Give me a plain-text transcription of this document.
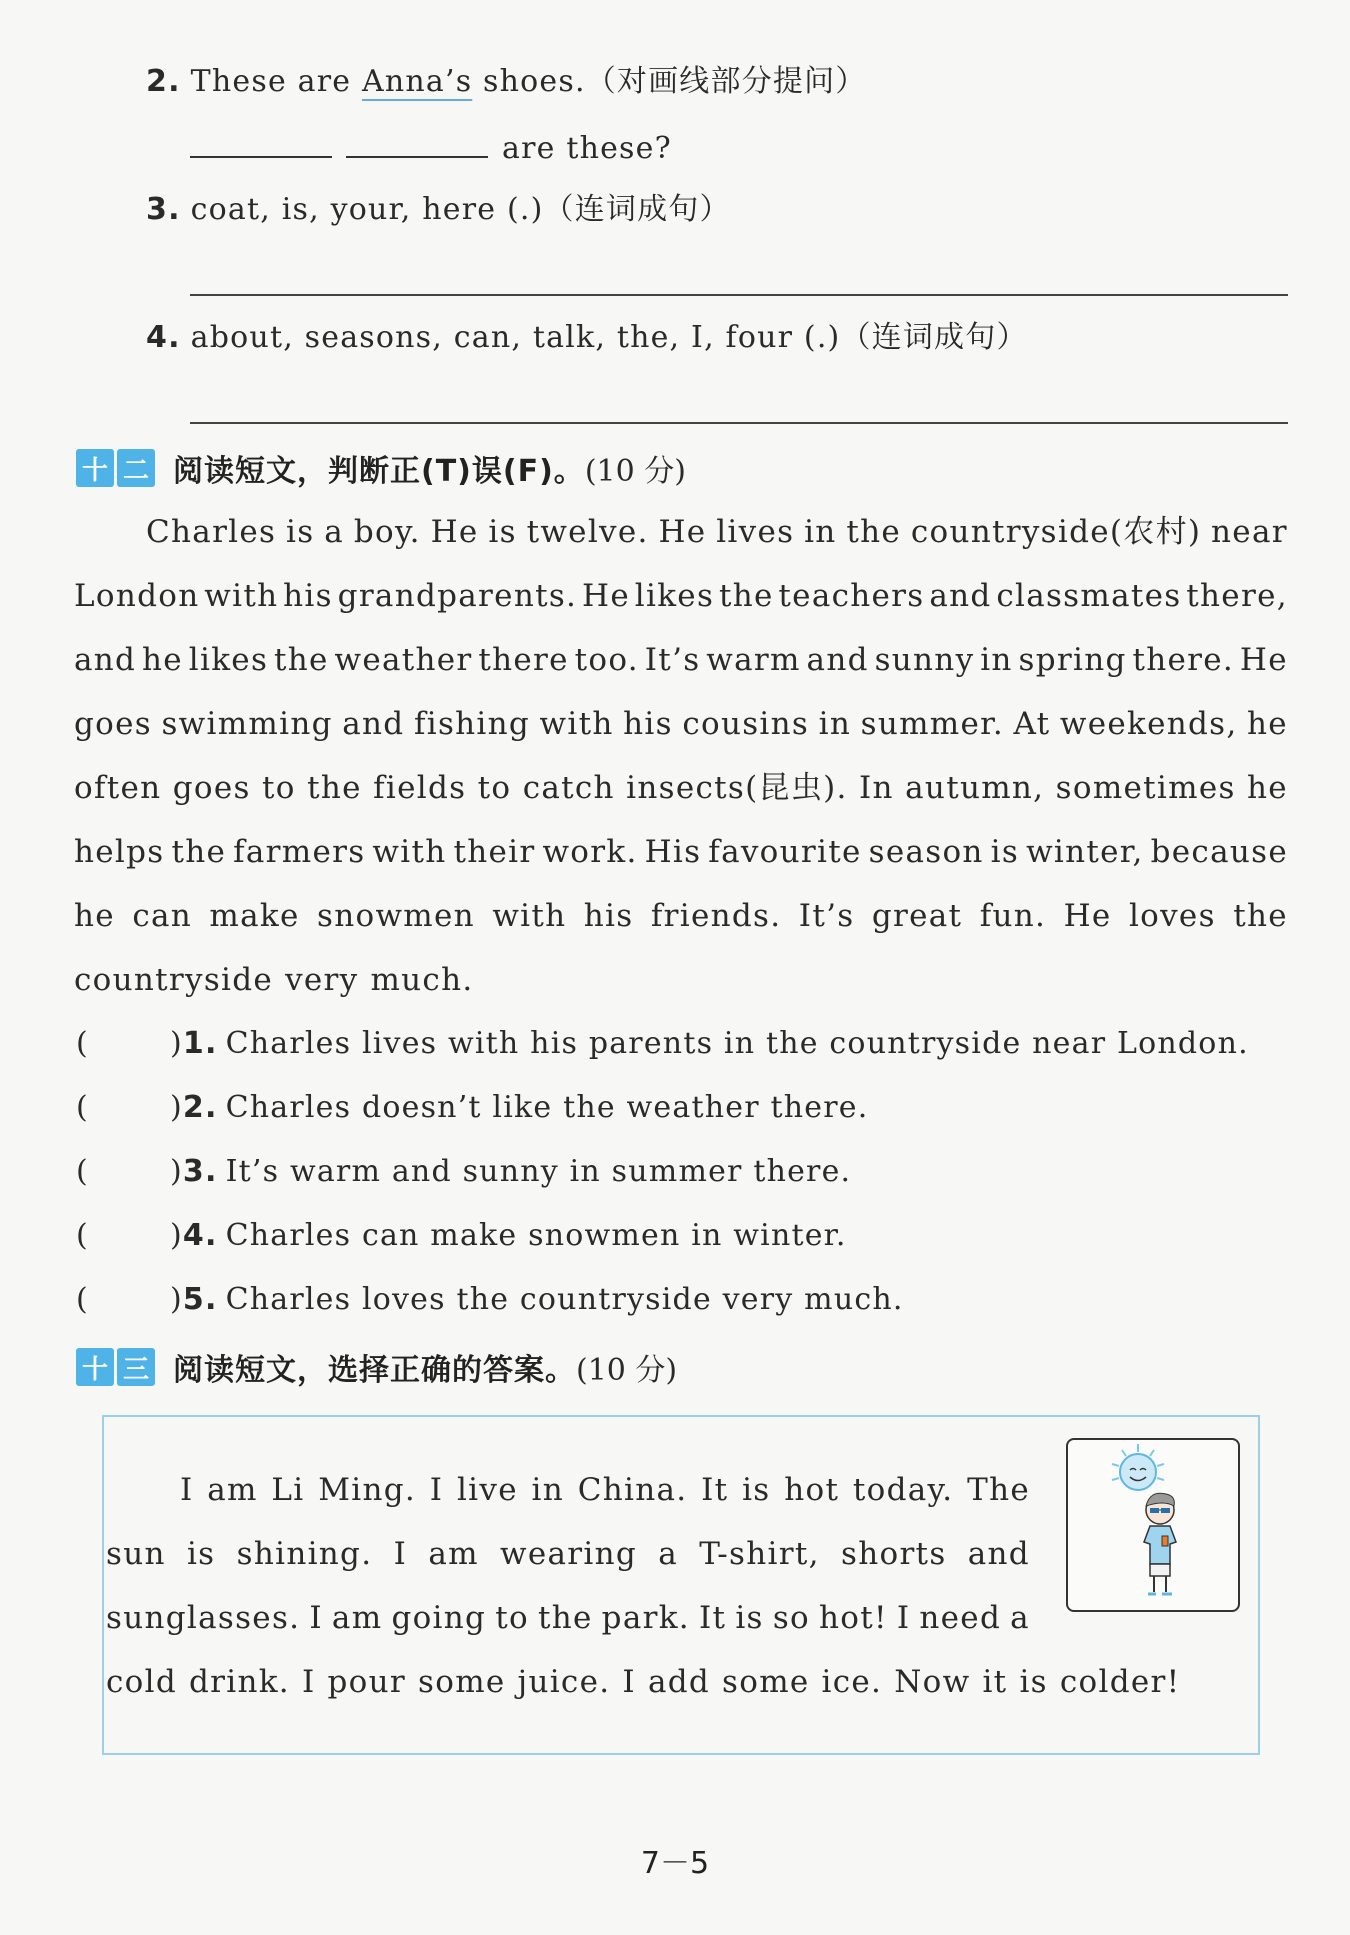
2. These are Anna’s shoes.（对画线部分提问）
are these?
3. coat, is, your, here (.)（连词成句）
4. about, seasons, can, talk, the, I, four (.)（连词成句）
十 二 阅读短文，判断正(T)误(F)。 (10 分)
Charles is a boy. He is twelve. He lives in the countryside(农村) near
London with his grandparents. He likes the teachers and classmates there,
and he likes the weather there too. It’s warm and sunny in spring there. He
goes swimming and fishing with his cousins in summer. At weekends, he
often goes to the fields to catch insects(昆虫). In autumn, sometimes he
helps the farmers with their work. His favourite season is winter, because
he can make snowmen with his friends. It’s great fun. He loves the
countryside very much.
(	)1. Charles lives with his parents in the countryside near London.
(	)2. Charles doesn’t like the weather there.
(	)3. It’s warm and sunny in summer there.
(	)4. Charles can make snowmen in winter.
(	)5. Charles loves the countryside very much.
十 三 阅读短文，选择正确的答案。 (10 分)
I am Li Ming. I live in China. It is hot today. The
sun is shining. I am wearing a T-shirt, shorts and
sunglasses. I am going to the park. It is so hot! I need a
cold drink. I pour some juice. I add some ice. Now it is colder!
7－5
